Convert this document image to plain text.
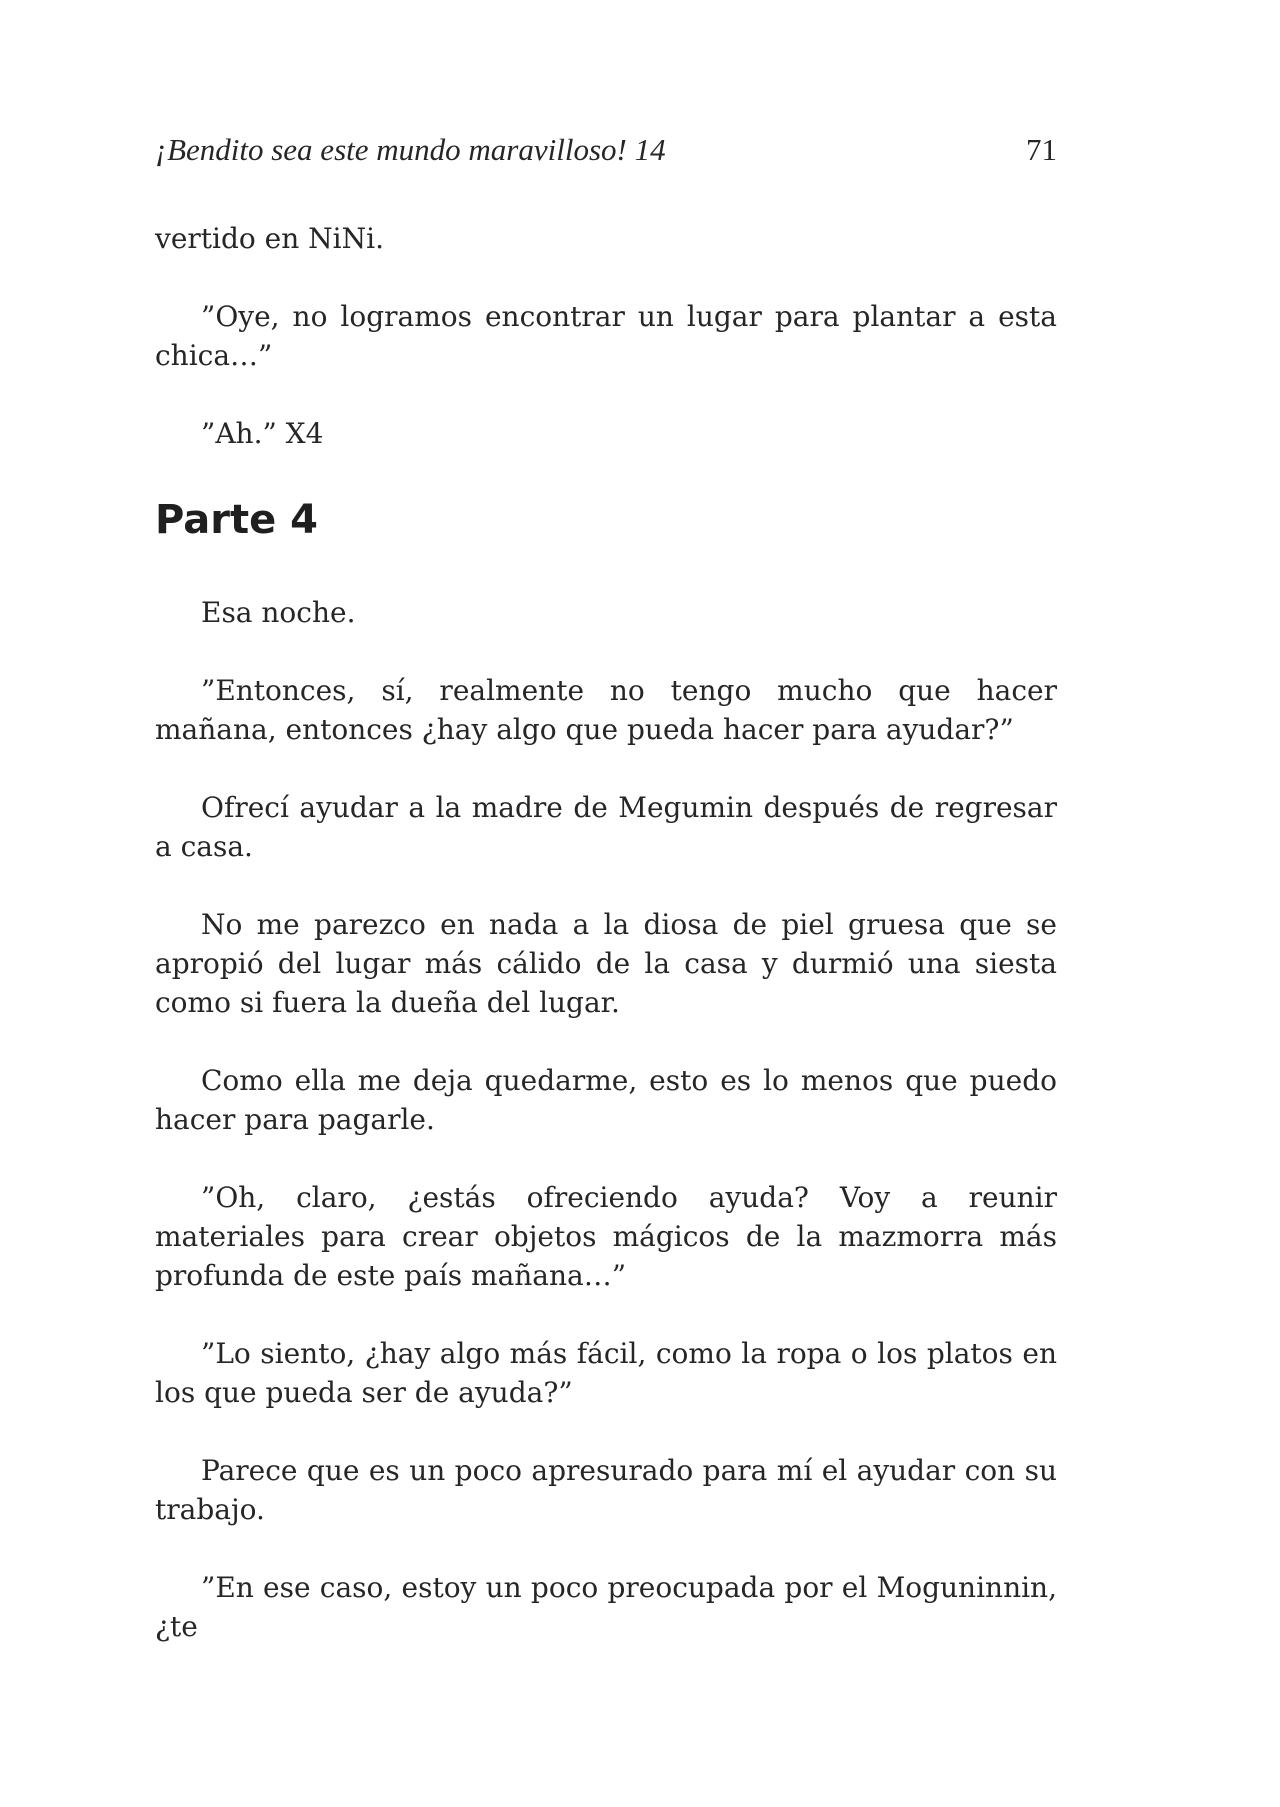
¡Bendito sea este mundo maravilloso! 14	71

vertido en NiNi.

”Oye, no logramos encontrar un lugar para plantar a esta chica…”

”Ah.” X4

Parte 4

Esa noche.

”Entonces, sí, realmente no tengo mucho que hacer mañana, entonces ¿hay algo que pueda hacer para ayudar?”

Ofrecí ayudar a la madre de Megumin después de regresar a casa.

No me parezco en nada a la diosa de piel gruesa que se apropió del lugar más cálido de la casa y durmió una siesta como si fuera la dueña del lugar.

Como ella me deja quedarme, esto es lo menos que puedo hacer para pagarle.

”Oh, claro, ¿estás ofreciendo ayuda? Voy a reunir materiales para crear objetos mágicos de la mazmorra más profunda de este país mañana…”

”Lo siento, ¿hay algo más fácil, como la ropa o los platos en los que pueda ser de ayuda?”

Parece que es un poco apresurado para mí el ayudar con su trabajo.

”En ese caso, estoy un poco preocupada por el Moguninnin, ¿te
